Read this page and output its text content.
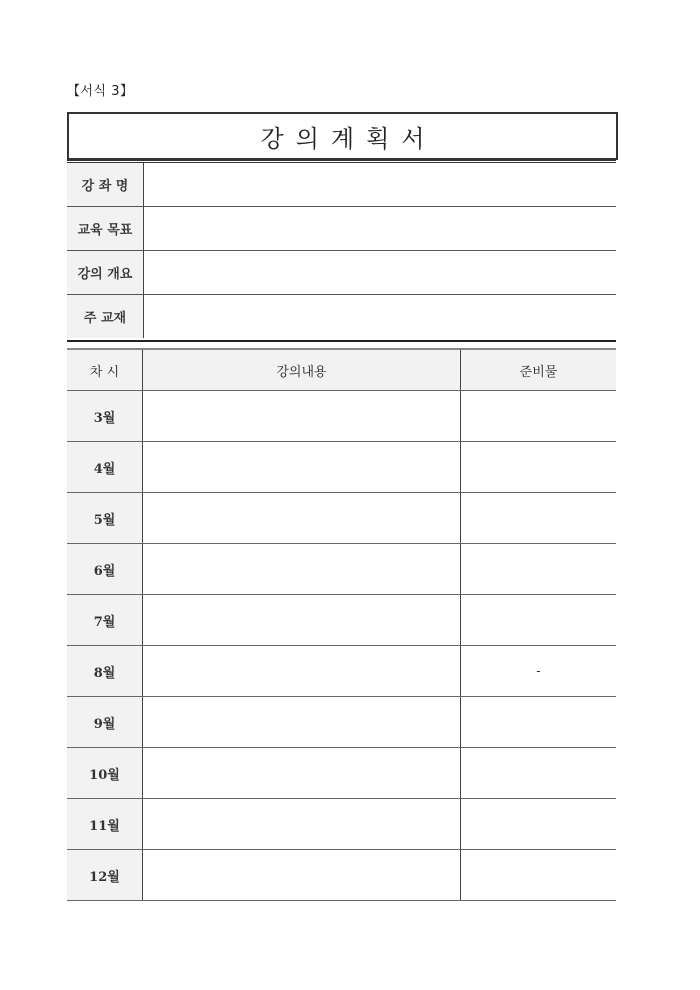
【서식 3】
강의계획서
강 좌 명	
교육 목표	
강의 개요	
주 교재	
차 시	강의내용	준비물
3월		
4월		
5월		
6월		
7월		
8월		-
9월		
10월		
11월		
12월		
